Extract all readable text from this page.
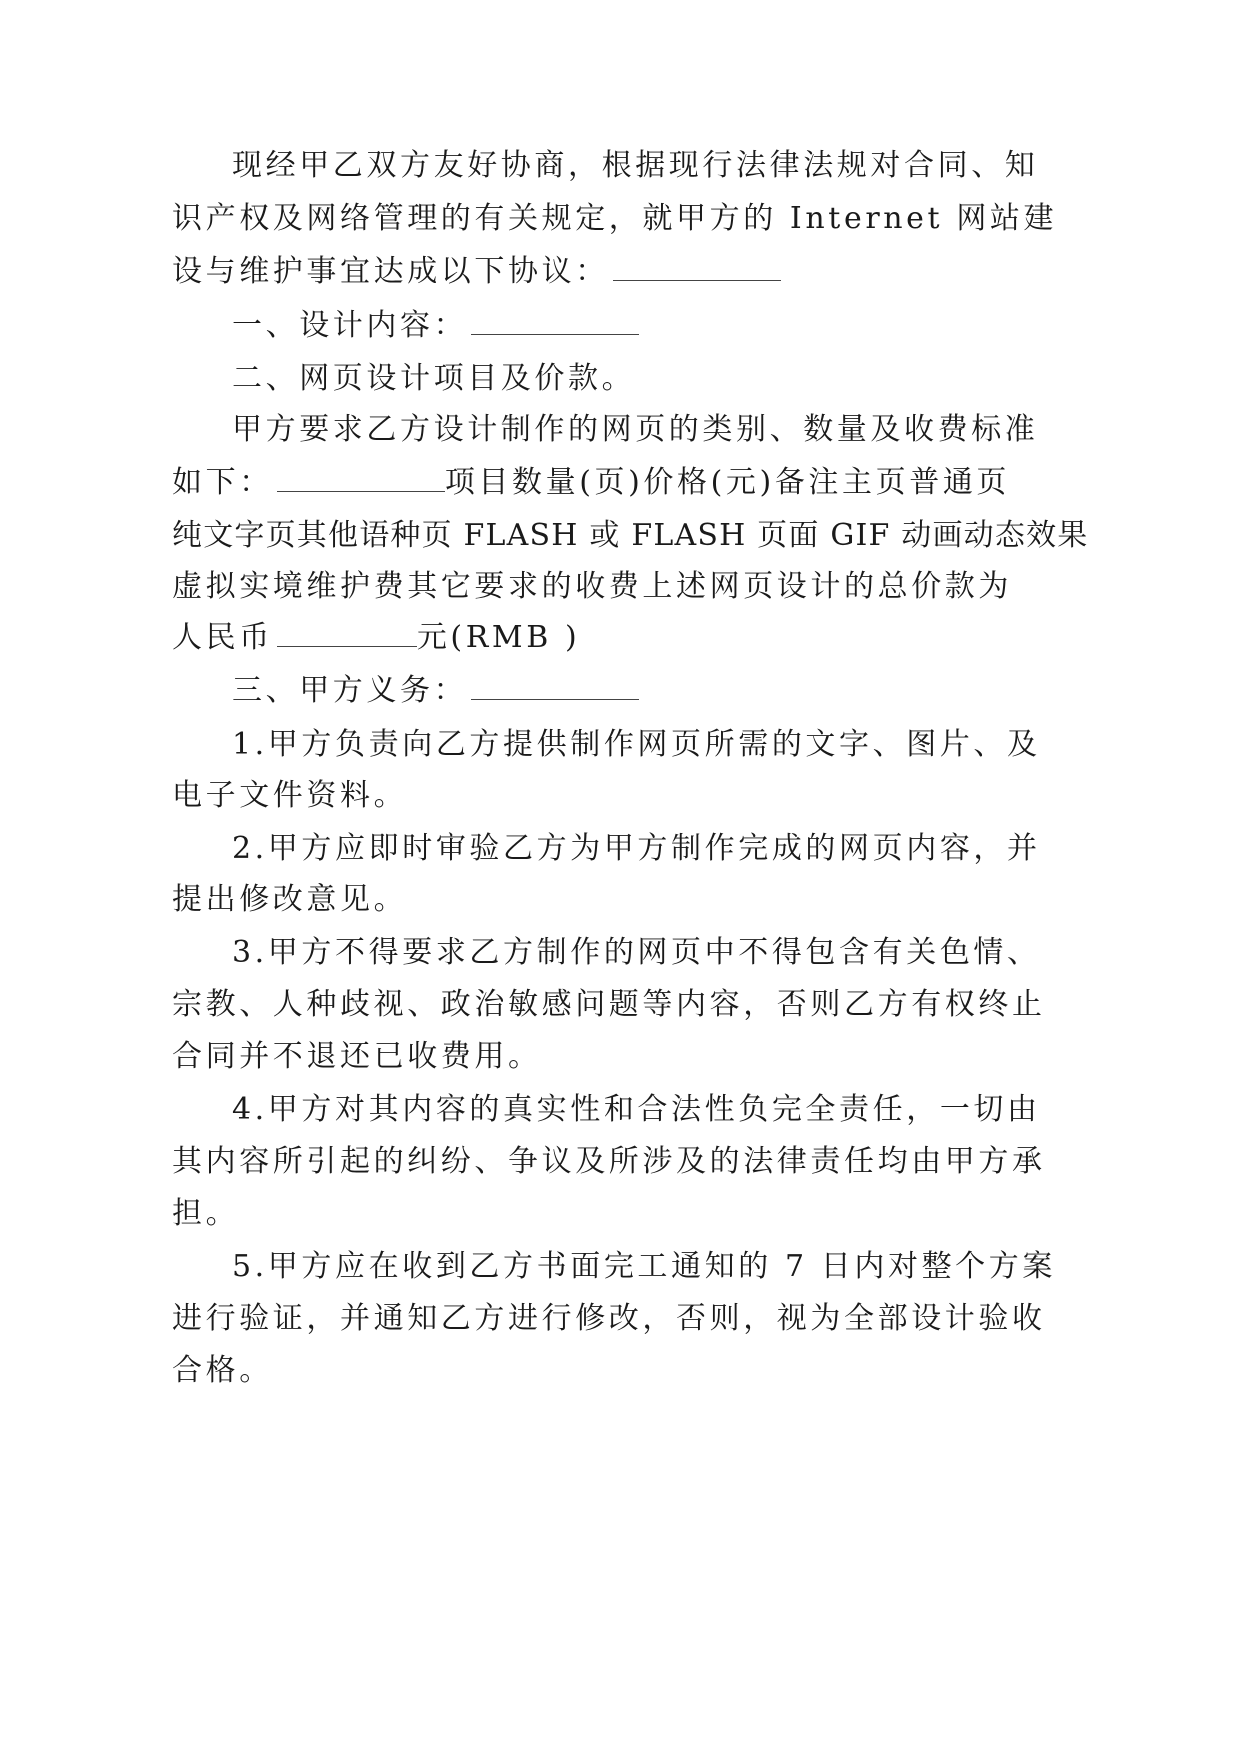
现经甲乙双方友好协商，根据现行法律法规对合同、知
识产权及网络管理的有关规定，就甲方的 Internet 网站建
设与维护事宜达成以下协议：
一、设计内容：
二、网页设计项目及价款。
甲方要求乙方设计制作的网页的类别、数量及收费标准
如下：	项目数量(页)价格(元)备注主页普通页
纯文字页其他语种页 FLASH 或 FLASH 页面 GIF 动画动态效果
虚拟实境维护费其它要求的收费上述网页设计的总价款为
人民币	元(RMB )
三、甲方义务：
1.甲方负责向乙方提供制作网页所需的文字、图片、及
电子文件资料。
2.甲方应即时审验乙方为甲方制作完成的网页内容，并
提出修改意见。
3.甲方不得要求乙方制作的网页中不得包含有关色情、
宗教、人种歧视、政治敏感问题等内容，否则乙方有权终止
合同并不退还已收费用。
4.甲方对其内容的真实性和合法性负完全责任，一切由
其内容所引起的纠纷、争议及所涉及的法律责任均由甲方承
担。
5.甲方应在收到乙方书面完工通知的 7 日内对整个方案
进行验证，并通知乙方进行修改，否则，视为全部设计验收
合格。
